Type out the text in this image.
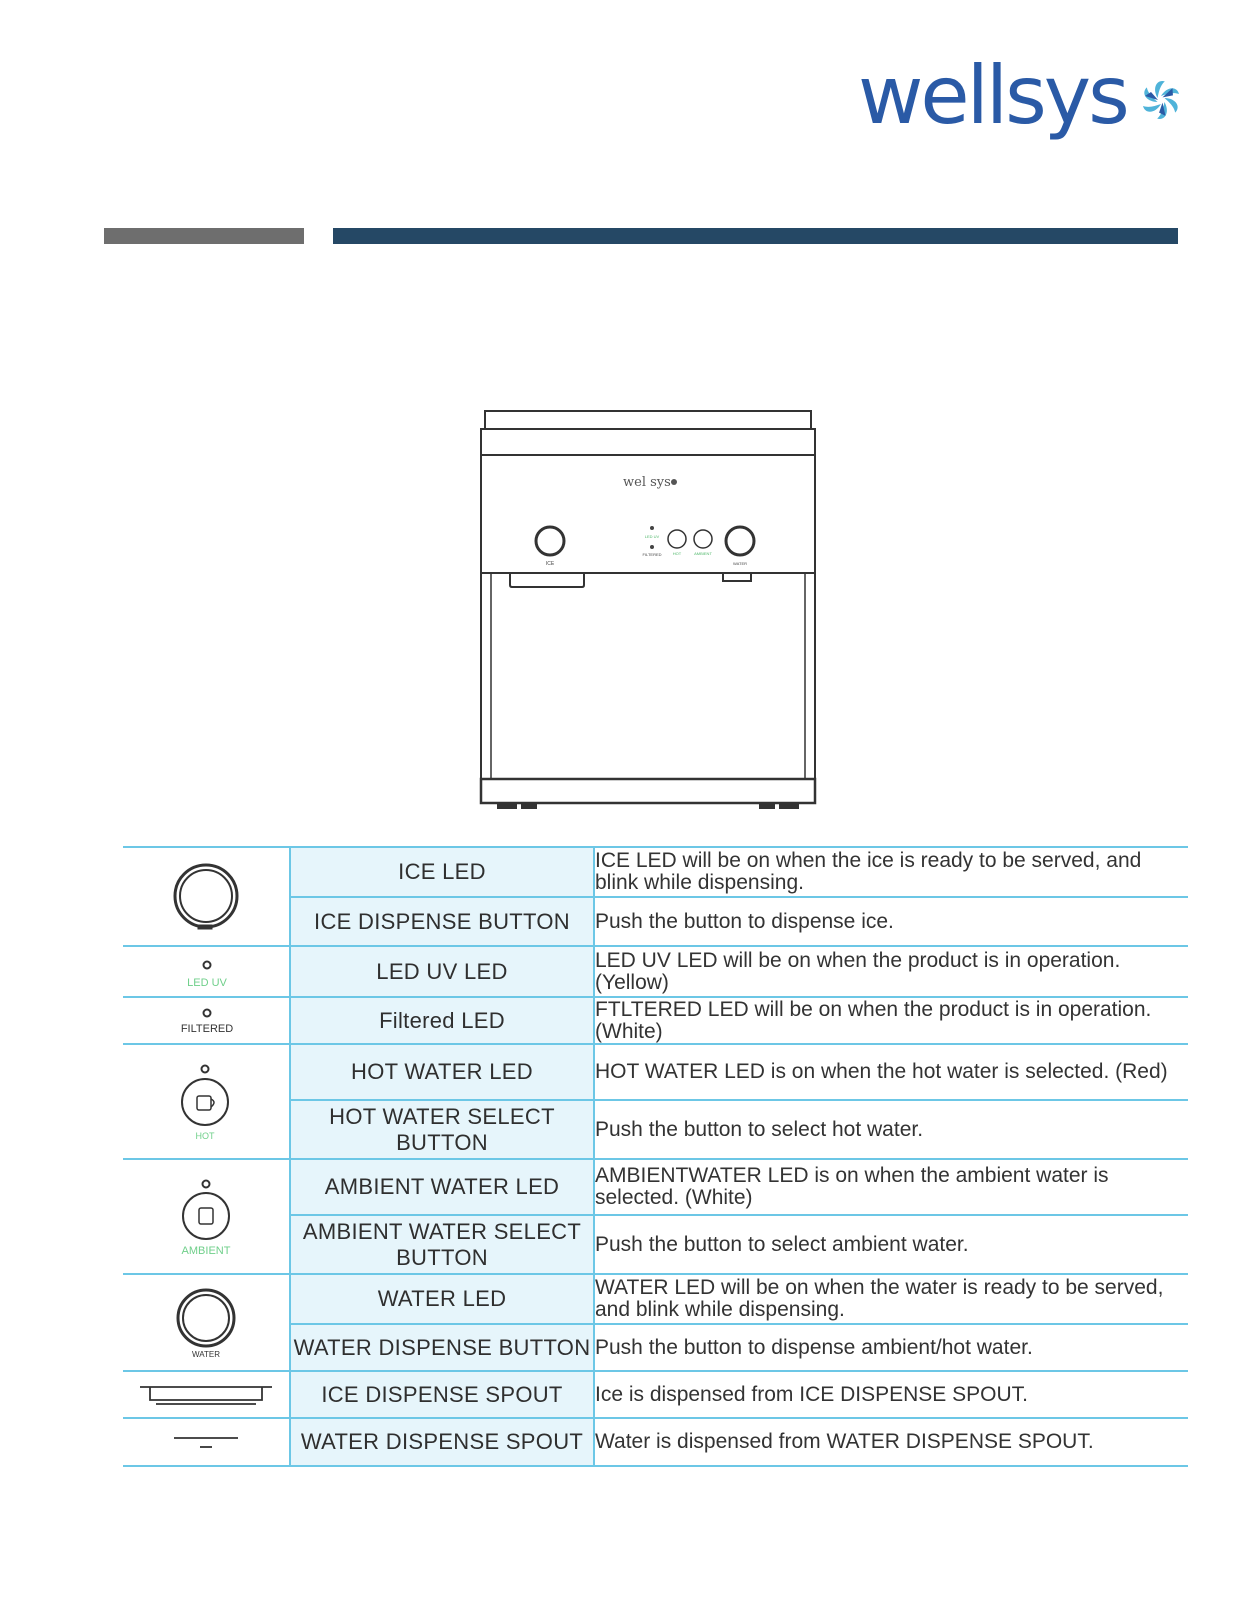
wellsys
wel sys
ICE
LED UV
FILTERED	HOT	AMBIENT
WATER
	ICE LED	ICE LED will be on when the ice is ready to be served, and blink while dispensing.
	ICE DISPENSE BUTTON	Push the button to dispense ice.

LED UV	LED UV LED	LED UV LED will be on when the product is in operation. (Yellow)

FILTERED	Filtered LED	FTLTERED LED will be on when the product is in operation. (White)

HOT	HOT WATER LED	HOT WATER LED is on when the hot water is selected. (Red)
	HOT WATER SELECT BUTTON	Push the button to select hot water.

AMBIENT	AMBIENT WATER LED	AMBIENTWATER LED is on when the ambient water is selected. (White)
	AMBIENT WATER SELECT BUTTON	Push the button to select ambient water.

WATER	WATER LED	WATER LED will be on when the water is ready to be served, and blink while dispensing.
	WATER DISPENSE BUTTON	Push the button to dispense ambient/hot water.

	ICE DISPENSE SPOUT	Ice is dispensed from ICE DISPENSE SPOUT.

	WATER DISPENSE SPOUT	Water is dispensed from WATER DISPENSE SPOUT.
